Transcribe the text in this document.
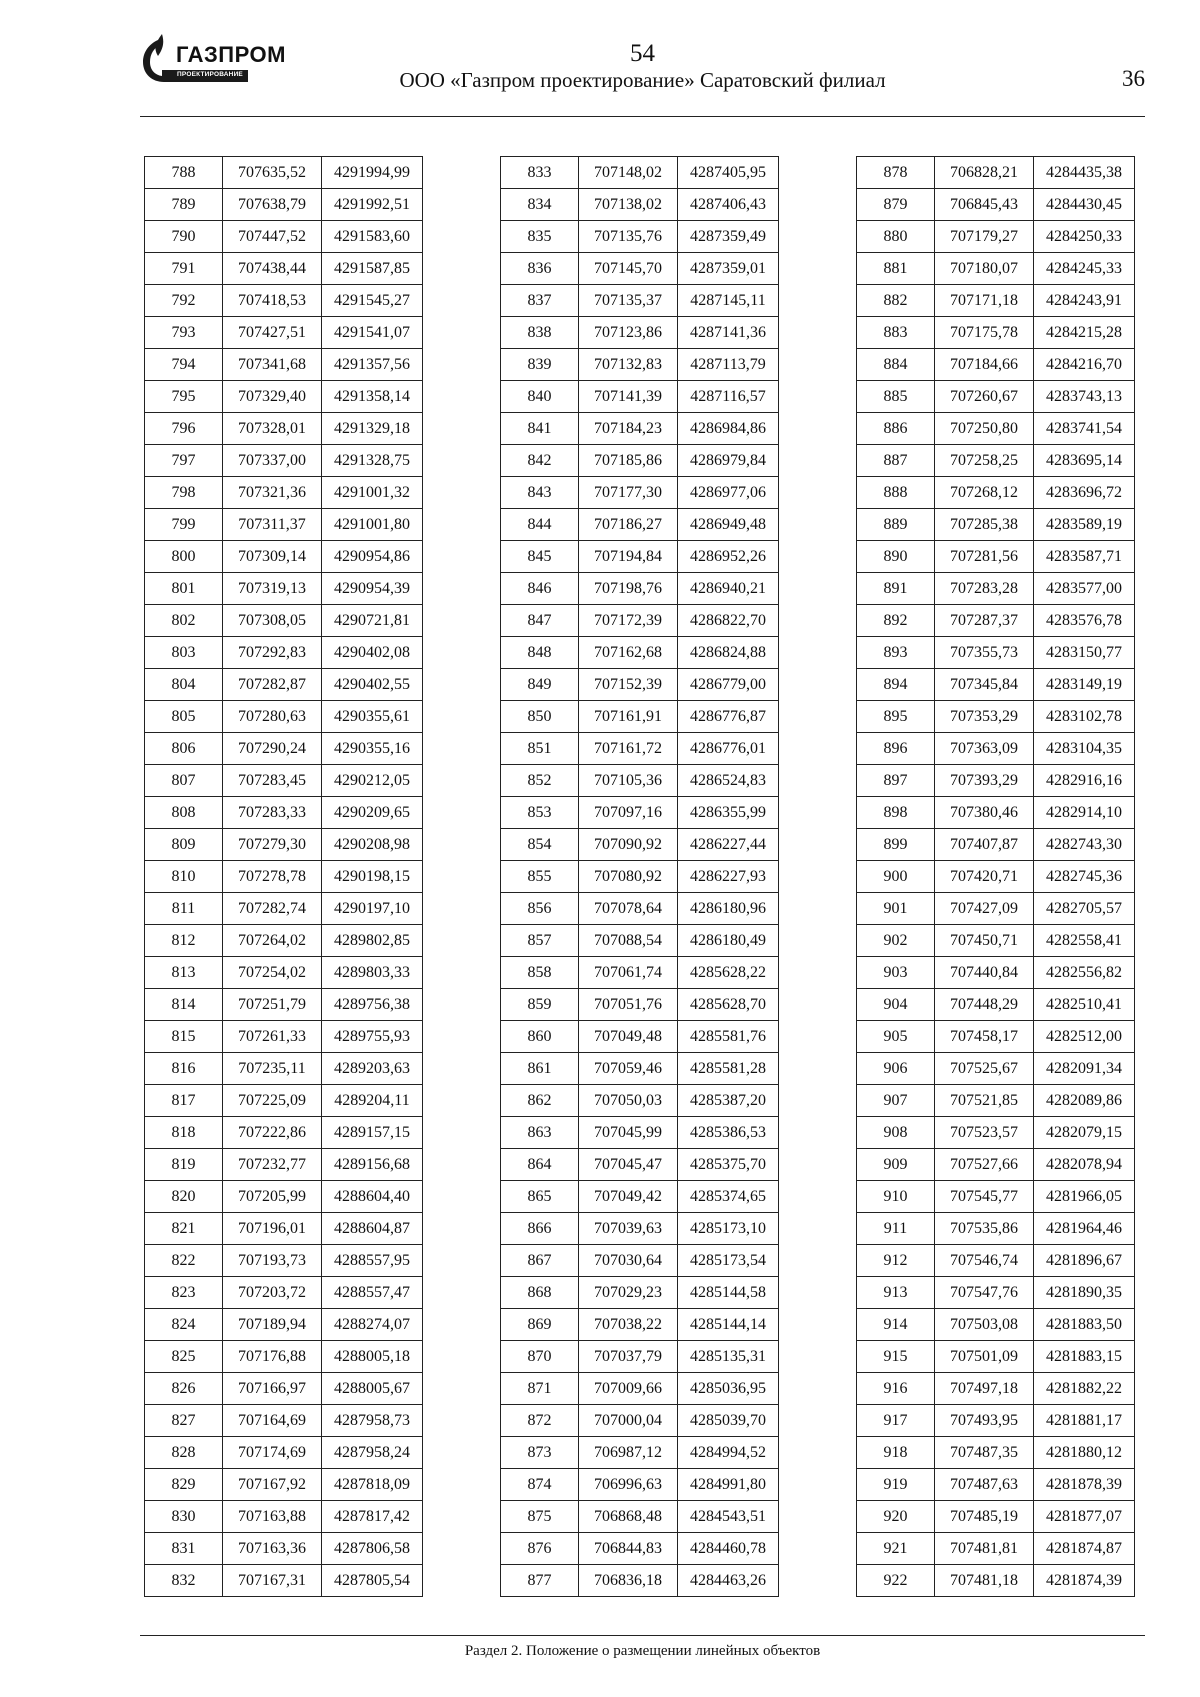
ГАЗПРОМ
ПРОЕКТИРОВАНИЕ
54
ООО «Газпром проектирование» Саратовский филиал	36
788	707635,52	4291994,99
789	707638,79	4291992,51
790	707447,52	4291583,60
791	707438,44	4291587,85
792	707418,53	4291545,27
793	707427,51	4291541,07
794	707341,68	4291357,56
795	707329,40	4291358,14
796	707328,01	4291329,18
797	707337,00	4291328,75
798	707321,36	4291001,32
799	707311,37	4291001,80
800	707309,14	4290954,86
801	707319,13	4290954,39
802	707308,05	4290721,81
803	707292,83	4290402,08
804	707282,87	4290402,55
805	707280,63	4290355,61
806	707290,24	4290355,16
807	707283,45	4290212,05
808	707283,33	4290209,65
809	707279,30	4290208,98
810	707278,78	4290198,15
811	707282,74	4290197,10
812	707264,02	4289802,85
813	707254,02	4289803,33
814	707251,79	4289756,38
815	707261,33	4289755,93
816	707235,11	4289203,63
817	707225,09	4289204,11
818	707222,86	4289157,15
819	707232,77	4289156,68
820	707205,99	4288604,40
821	707196,01	4288604,87
822	707193,73	4288557,95
823	707203,72	4288557,47
824	707189,94	4288274,07
825	707176,88	4288005,18
826	707166,97	4288005,67
827	707164,69	4287958,73
828	707174,69	4287958,24
829	707167,92	4287818,09
830	707163,88	4287817,42
831	707163,36	4287806,58
832	707167,31	4287805,54
833	707148,02	4287405,95
834	707138,02	4287406,43
835	707135,76	4287359,49
836	707145,70	4287359,01
837	707135,37	4287145,11
838	707123,86	4287141,36
839	707132,83	4287113,79
840	707141,39	4287116,57
841	707184,23	4286984,86
842	707185,86	4286979,84
843	707177,30	4286977,06
844	707186,27	4286949,48
845	707194,84	4286952,26
846	707198,76	4286940,21
847	707172,39	4286822,70
848	707162,68	4286824,88
849	707152,39	4286779,00
850	707161,91	4286776,87
851	707161,72	4286776,01
852	707105,36	4286524,83
853	707097,16	4286355,99
854	707090,92	4286227,44
855	707080,92	4286227,93
856	707078,64	4286180,96
857	707088,54	4286180,49
858	707061,74	4285628,22
859	707051,76	4285628,70
860	707049,48	4285581,76
861	707059,46	4285581,28
862	707050,03	4285387,20
863	707045,99	4285386,53
864	707045,47	4285375,70
865	707049,42	4285374,65
866	707039,63	4285173,10
867	707030,64	4285173,54
868	707029,23	4285144,58
869	707038,22	4285144,14
870	707037,79	4285135,31
871	707009,66	4285036,95
872	707000,04	4285039,70
873	706987,12	4284994,52
874	706996,63	4284991,80
875	706868,48	4284543,51
876	706844,83	4284460,78
877	706836,18	4284463,26
878	706828,21	4284435,38
879	706845,43	4284430,45
880	707179,27	4284250,33
881	707180,07	4284245,33
882	707171,18	4284243,91
883	707175,78	4284215,28
884	707184,66	4284216,70
885	707260,67	4283743,13
886	707250,80	4283741,54
887	707258,25	4283695,14
888	707268,12	4283696,72
889	707285,38	4283589,19
890	707281,56	4283587,71
891	707283,28	4283577,00
892	707287,37	4283576,78
893	707355,73	4283150,77
894	707345,84	4283149,19
895	707353,29	4283102,78
896	707363,09	4283104,35
897	707393,29	4282916,16
898	707380,46	4282914,10
899	707407,87	4282743,30
900	707420,71	4282745,36
901	707427,09	4282705,57
902	707450,71	4282558,41
903	707440,84	4282556,82
904	707448,29	4282510,41
905	707458,17	4282512,00
906	707525,67	4282091,34
907	707521,85	4282089,86
908	707523,57	4282079,15
909	707527,66	4282078,94
910	707545,77	4281966,05
911	707535,86	4281964,46
912	707546,74	4281896,67
913	707547,76	4281890,35
914	707503,08	4281883,50
915	707501,09	4281883,15
916	707497,18	4281882,22
917	707493,95	4281881,17
918	707487,35	4281880,12
919	707487,63	4281878,39
920	707485,19	4281877,07
921	707481,81	4281874,87
922	707481,18	4281874,39
Раздел 2. Положение о размещении линейных объектов
